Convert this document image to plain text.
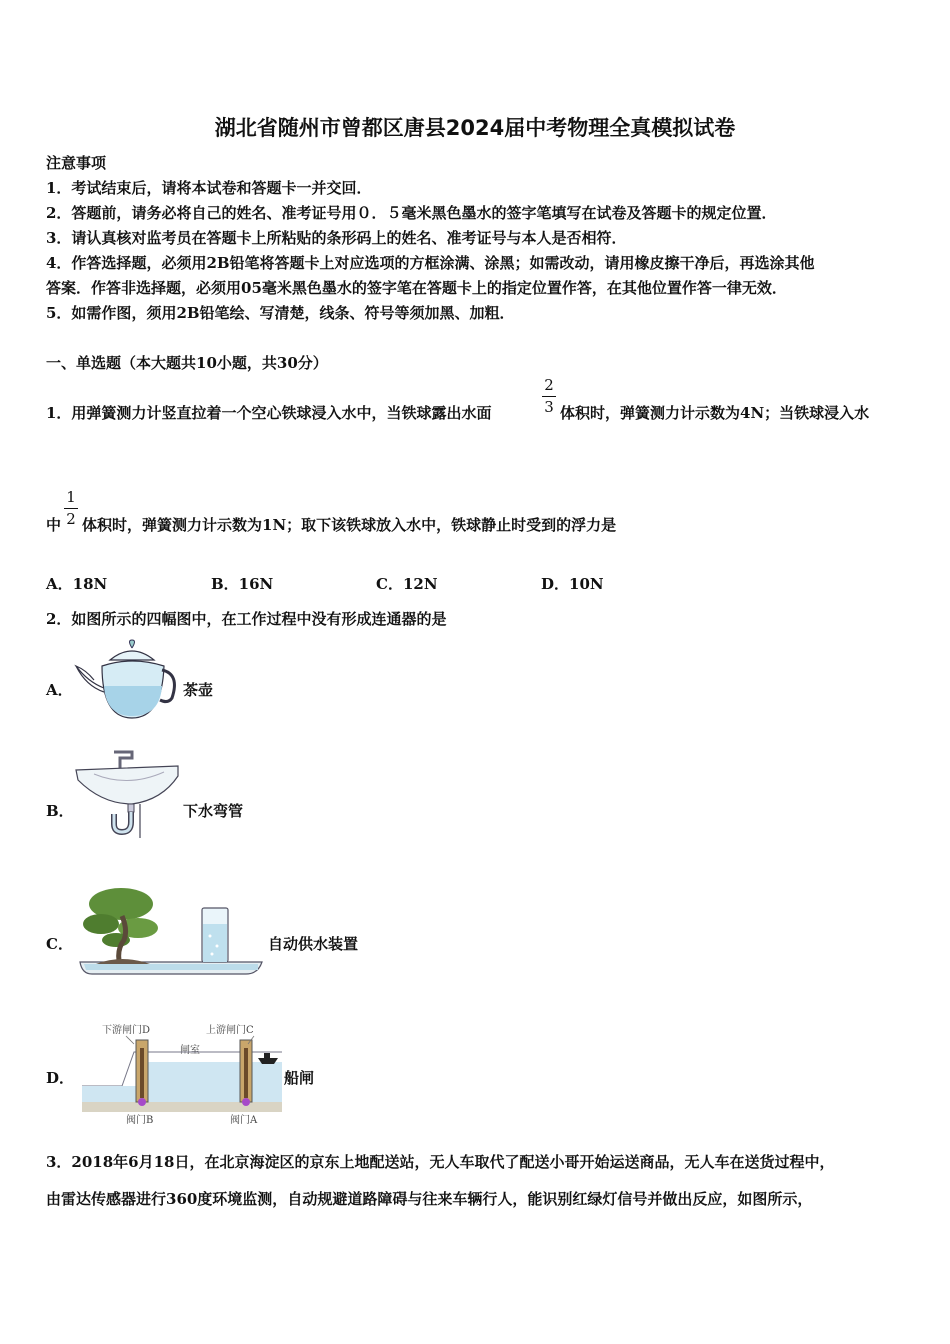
湖北省随州市曾都区唐县2024届中考物理全真模拟试卷
注意事项
1．考试结束后，请将本试卷和答题卡一并交回．
2．答题前，请务必将自己的姓名、准考证号用０．５毫米黑色墨水的签字笔填写在试卷及答题卡的规定位置．
3．请认真核对监考员在答题卡上所粘贴的条形码上的姓名、准考证号与本人是否相符．
4．作答选择题，必须用2B铅笔将答题卡上对应选项的方框涂满、涂黑；如需改动，请用橡皮擦干净后，再选涂其他
答案．作答非选择题，必须用05毫米黑色墨水的签字笔在答题卡上的指定位置作答，在其他位置作答一律无效．
5．如需作图，须用2B铅笔绘、写清楚，线条、符号等须加黑、加粗．
一、单选题（本大题共10小题，共30分）
1．用弹簧测力计竖直拉着一个空心铁球浸入水中，当铁球露出水面
2
3 体积时，弹簧测力计示数为4N；当铁球浸入水
中
1
2 体积时，弹簧测力计示数为1N；取下该铁球放入水中，铁球静止时受到的浮力是
A．18N	B．16N	C．12N	D．10N
2．如图所示的四幅图中，在工作过程中没有形成连通器的是
A．	茶壶
B．	下水弯管
C．	自动供水装置
D．
下游闸门D	上游闸门C
闸室
阀门B	阀门A
船闸
3．2018年6月18日，在北京海淀区的京东上地配送站，无人车取代了配送小哥开始运送商品，无人车在送货过程中，
由雷达传感器进行360度环境监测，自动规避道路障碍与往来车辆行人，能识别红绿灯信号并做出反应，如图所示，
